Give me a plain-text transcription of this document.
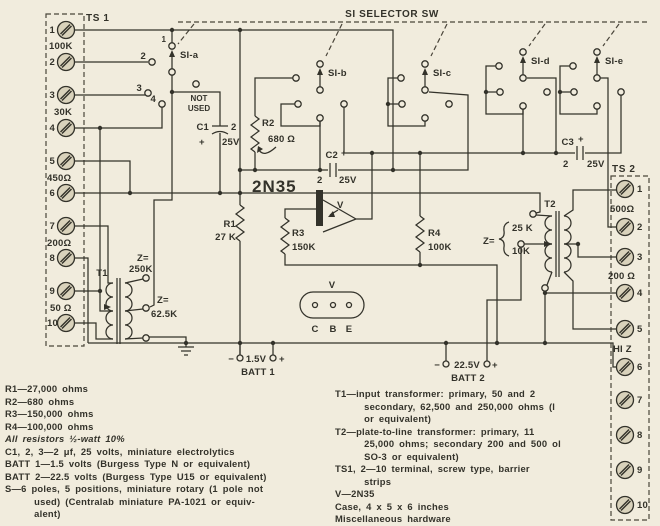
SI SELECTOR SW
TS 1
1
2
3
4
5
6
7
8
9
10
100K
30K
450Ω
200Ω
50 Ω
TS 2
1
2
3
4
5
6
7
8
9
10
500Ω
200 Ω
HI Z
SI-a
1
2
3
4	NOT
USED
SI-b	SI-c
SI-d	SI-e
R1
27 K
R2
680 Ω
R3
150K
R4
100K
C1 2
+ 25V
C2 +
2 25V
C3 +
2 25V
2N35
V
T1
Z=
250K
Z=
62.5K
T2
Z=
25 K
10K
V
C B E
− 1.5V +
BATT 1
− 22.5V +
BATT 2
R1—27,000 ohms
R2—680 ohms
R3—150,000 ohms
R4—100,000 ohms
All resistors ½-watt 10%
C1, 2, 3—2 μf, 25 volts, miniature electrolytics
BATT 1—1.5 volts (Burgess Type N or equivalent)
BATT 2—22.5 volts (Burgess Type U15 or equivalent)
S—6 poles, 5 positions, miniature rotary (1 pole not
used) (Centralab miniature PA-1021 or equiv-
alent)
T1—input transformer: primary, 50 and 2
secondary, 62,500 and 250,000 ohms (l
or equivalent)
T2—plate-to-line transformer: primary, 11
25,000 ohms; secondary 200 and 500 ol
SO-3 or equivalent)
TS1, 2—10 terminal, screw type, barrier
strips
V—2N35
Case, 4 x 5 x 6 inches
Miscellaneous hardware
